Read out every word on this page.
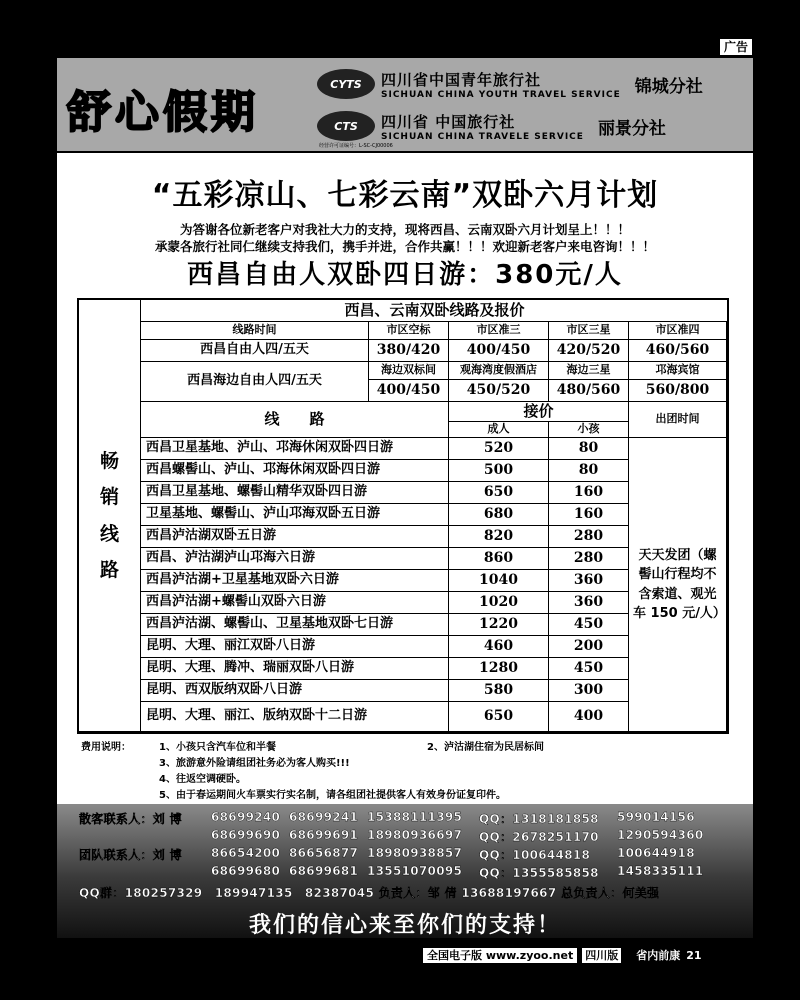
广告
舒心假期
CYTS	四川省中国青年旅行社
SICHUAN CHINA YOUTH TRAVEL SERVICE 锦城分社
CTS	四川省 中国旅行社
SICHUAN CHINA TRAVELE SERVICE 丽景分社
经营许可证编号：L-SC-CJ00006
“五彩凉山、七彩云南”双卧六月计划
为答谢各位新老客户对我社大力的支持，现将西昌、云南双卧六月计划呈上！！！
承蒙各旅行社同仁继续支持我们，携手并进，合作共赢！！！欢迎新老客户来电咨询！！！
西昌自由人双卧四日游：380元/人
畅
销
线
路
西昌、云南双卧线路及报价
线路时间	市区空标	市区准三	市区三星	市区准四
西昌自由人四/五天	380/420	400/450	420/520	460/560
西昌海边自由人四/五天
海边双标间	观海湾度假酒店	海边三星	邛海宾馆
400/450	450/520	480/560	560/800
线　　路	接价
成人	小孩
出团时间
西昌卫星基地、泸山、邛海休闲双卧四日游	520	80
西昌螺髻山、泸山、邛海休闲双卧四日游	500	80
西昌卫星基地、螺髻山精华双卧四日游	650	160
卫星基地、螺髻山、泸山邛海双卧五日游	680	160
西昌泸沽湖双卧五日游	820	280
西昌、泸沽湖泸山邛海六日游	860	280
西昌泸沽湖+卫星基地双卧六日游	1040	360
西昌泸沽湖+螺髻山双卧六日游	1020	360
西昌泸沽湖、螺髻山、卫星基地双卧七日游	1220	450
昆明、大理、丽江双卧八日游	460	200
昆明、大理、腾冲、瑞丽双卧八日游	1280	450
昆明、西双版纳双卧八日游	580	300
昆明、大理、丽江、版纳双卧十二日游	650	400
天天发团（螺髻山行程均不含索道、观光车 150 元/人）
费用说明：	1、小孩只含汽车位和半餐	2、泸沽湖住宿为民居标间
3、旅游意外险请组团社务必为客人购买!!!
4、往返空调硬卧。
5、由于春运期间火车票实行实名制，请各组团社提供客人有效身份证复印件。
散客联系人：刘 博
团队联系人：刘 博
68699240 68699241 15388111395 QQ：1318181858 599014156
68699690 68699691 18980936697 QQ：2678251170 1290594360
86654200 86656877 18980938857 QQ：100644818 100644918
68699680 68699681 13551070095 QQ：1355585858 1458335111
QQ群：180257329　189947135　82387045 负责人：邹 倩 13688197667 总负责人：何美强
我们的信心来至你们的支持！
全国电子版 www.zyoo.net	四川版	省内前康 21
